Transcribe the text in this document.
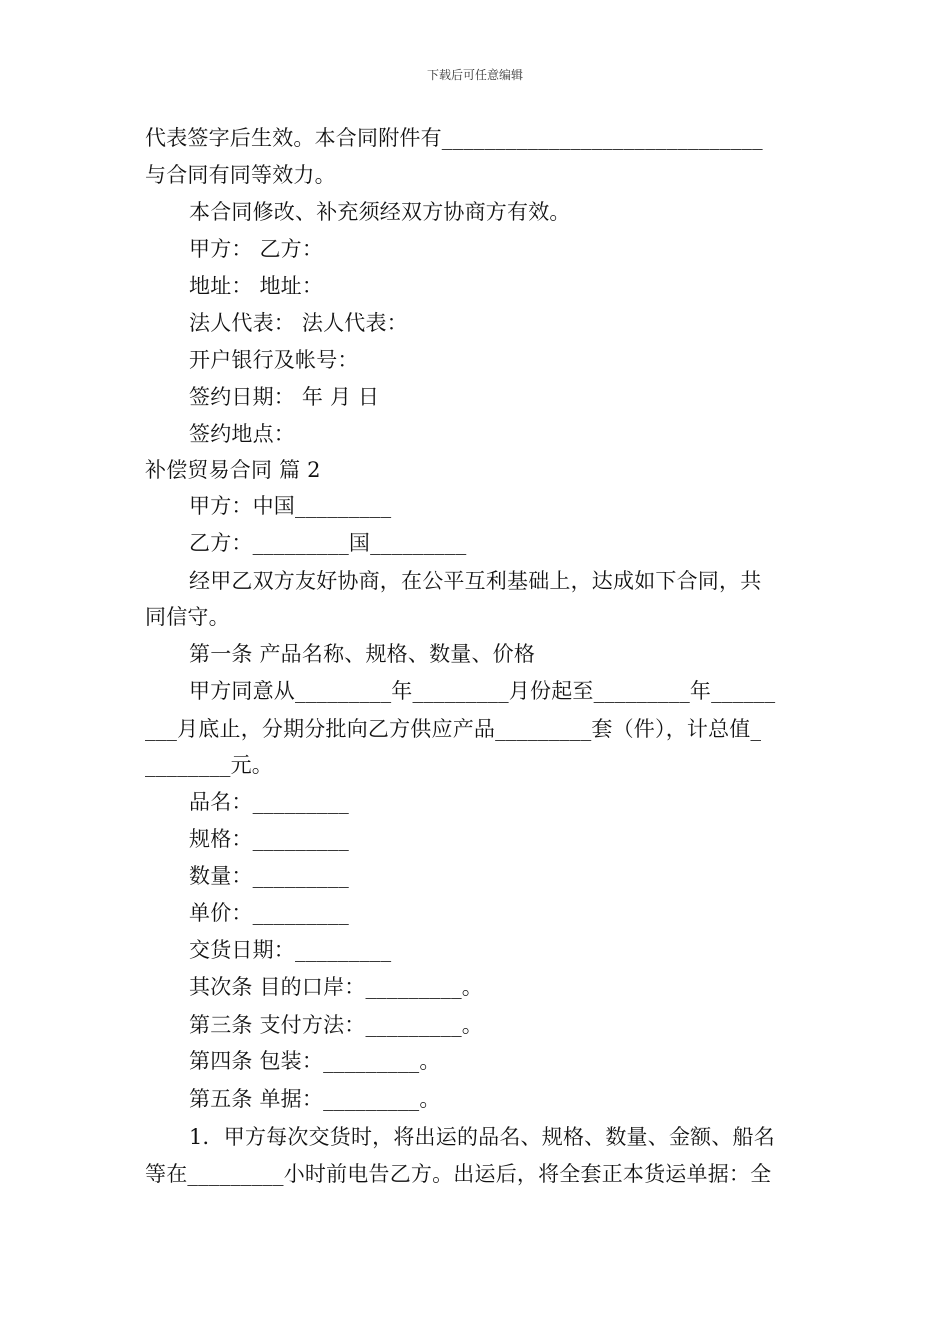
下载后可任意编辑
代表签字后生效。本合同附件有______________________________
与合同有同等效力。
本合同修改、补充须经双方协商方有效。
甲方： 乙方：
地址： 地址：
法人代表： 法人代表：
开户银行及帐号：
签约日期： 年 月 日
签约地点：
补偿贸易合同 篇 2
甲方：中国_________
乙方：_________国_________
经甲乙双方友好协商，在公平互利基础上，达成如下合同，共
同信守。
第一条 产品名称、规格、数量、价格
甲方同意从_________年_________月份起至_________年______
___月底止，分期分批向乙方供应产品_________套（件），计总值_
________元。
品名：_________
规格：_________
数量：_________
单价：_________
交货日期：_________
其次条 目的口岸：_________。
第三条 支付方法：_________。
第四条 包装：_________。
第五条 单据：_________。
1．甲方每次交货时，将出运的品名、规格、数量、金额、船名
等在_________小时前电告乙方。出运后，将全套正本货运单据：全
